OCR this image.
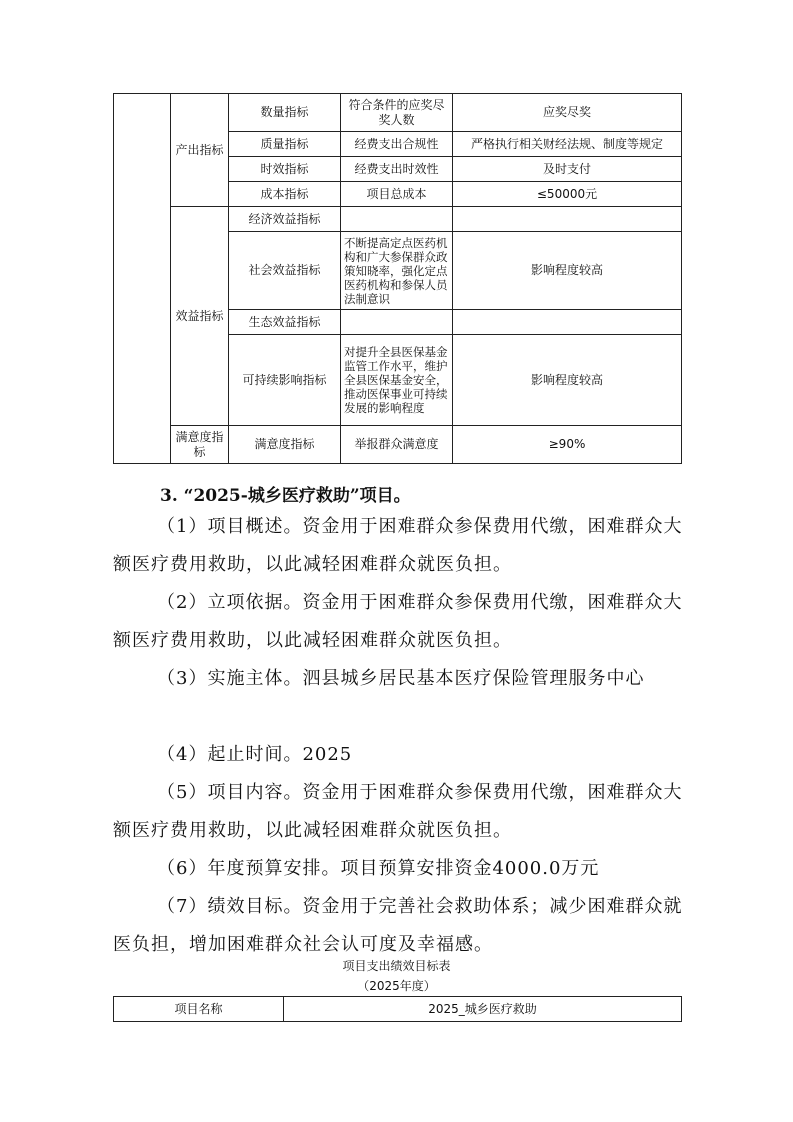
	产出指标	数量指标	符合条件的应奖尽奖人数	应奖尽奖
		质量指标	经费支出合规性	严格执行相关财经法规、制度等规定
		时效指标	经费支出时效性	及时支付
		成本指标	项目总成本	≤50000元
	效益指标	经济效益指标		
		社会效益指标	不断提高定点医药机构和广大参保群众政策知晓率，强化定点医药机构和参保人员法制意识	影响程度较高
		生态效益指标		
		可持续影响指标	对提升全县医保基金监管工作水平，维护全县医保基金安全，推动医保事业可持续发展的影响程度	影响程度较高
	满意度指标	满意度指标	举报群众满意度	≥90%
3. “2025-城乡医疗救助”项目。
（1）项目概述。资金用于困难群众参保费用代缴，困难群众大额医疗费用救助，以此减轻困难群众就医负担。
（2）立项依据。资金用于困难群众参保费用代缴，困难群众大额医疗费用救助，以此减轻困难群众就医负担。
（3）实施主体。泗县城乡居民基本医疗保险管理服务中心
（4）起止时间。2025
（5）项目内容。资金用于困难群众参保费用代缴，困难群众大额医疗费用救助，以此减轻困难群众就医负担。
（6）年度预算安排。项目预算安排资金4000.0万元
（7）绩效目标。资金用于完善社会救助体系；减少困难群众就医负担，增加困难群众社会认可度及幸福感。
项目支出绩效目标表
（2025年度）
项目名称	2025_城乡医疗救助
